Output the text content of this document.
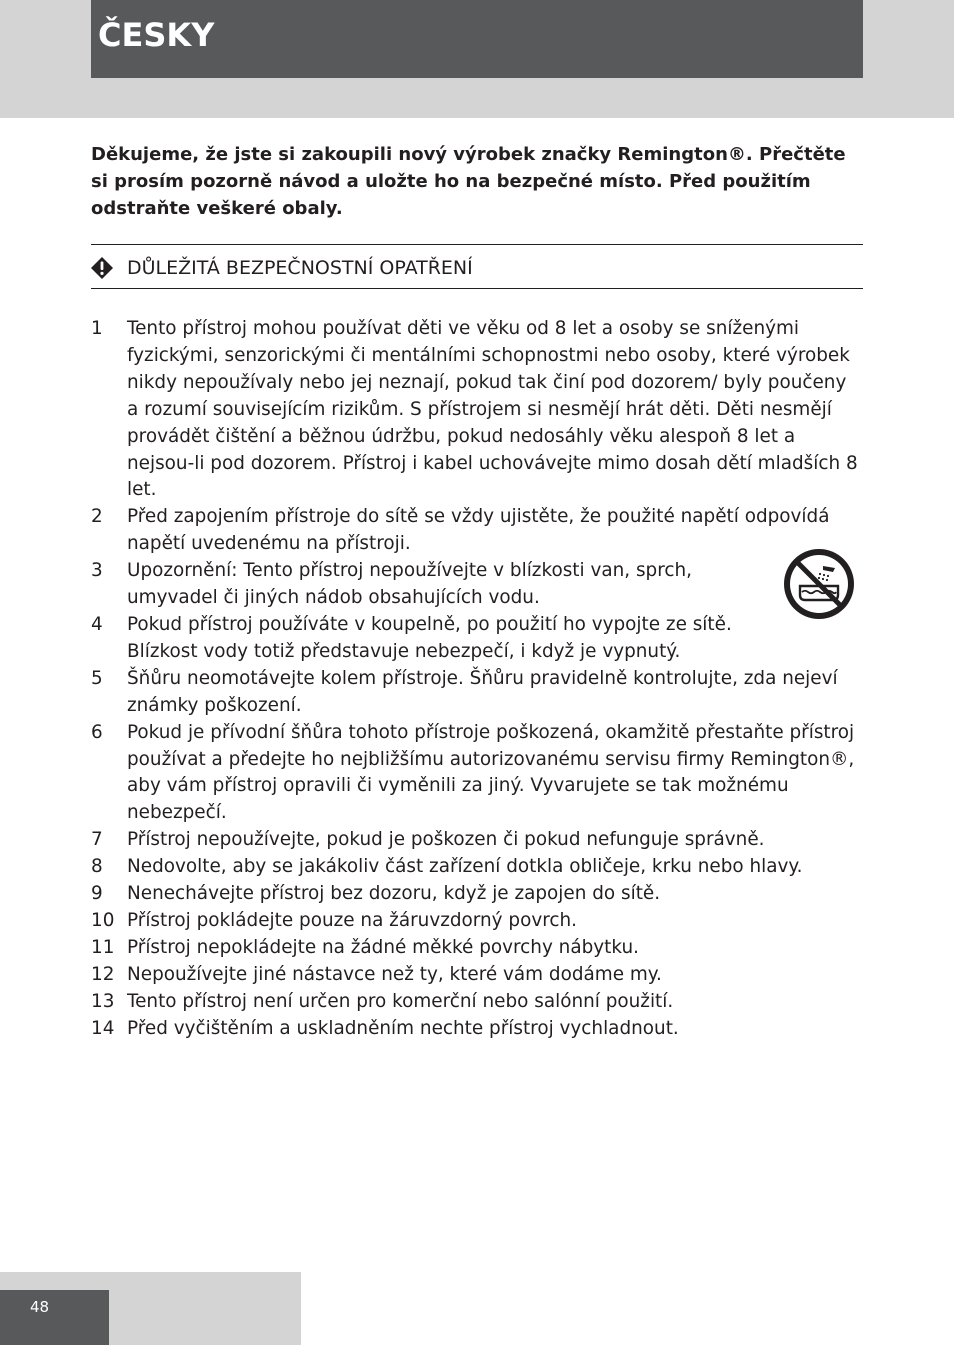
ČESKY

Děkujeme, že jste si zakoupili nový výrobek značky Remington®. Přečtěte si prosím pozorně návod a uložte ho na bezpečné místo. Před použitím odstraňte veškeré obaly.

DŮLEŽITÁ BEZPEČNOSTNÍ OPATŘENÍ
1 Tento přístroj mohou používat děti ve věku od 8 let a osoby se sníženými fyzickými, senzorickými či mentálními schopnostmi nebo osoby, které výrobek nikdy nepoužívaly nebo jej neznají, pokud tak činí pod dozorem/ byly poučeny a rozumí souvisejícím rizikům. S přístrojem si nesmějí hrát děti. Děti nesmějí provádět čištění a běžnou údržbu, pokud nedosáhly věku alespoň 8 let a nejsou-li pod dozorem. Přístroj i kabel uchovávejte mimo dosah dětí mladších 8 let.
2 Před zapojením přístroje do sítě se vždy ujistěte, že použité napětí odpovídá napětí uvedenému na přístroji.
3 Upozornění: Tento přístroj nepoužívejte v blízkosti van, sprch, umyvadel či jiných nádob obsahujících vodu.
4 Pokud přístroj používáte v koupelně, po použití ho vypojte ze sítě. Blízkost vody totiž představuje nebezpečí, i když je vypnutý.
5 Šňůru neomotávejte kolem přístroje. Šňůru pravidelně kontrolujte, zda nejeví známky poškození.
6 Pokud je přívodní šňůra tohoto přístroje poškozená, okamžitě přestaňte přístroj používat a předejte ho nejbližšímu autorizovanému servisu firmy Remington®, aby vám přístroj opravili či vyměnili za jiný. Vyvarujete se tak možnému nebezpečí.
7 Přístroj nepoužívejte, pokud je poškozen či pokud nefunguje správně.
8 Nedovolte, aby se jakákoliv část zařízení dotkla obličeje, krku nebo hlavy.
9 Nenechávejte přístroj bez dozoru, když je zapojen do sítě.
10 Přístroj pokládejte pouze na žáruvzdorný povrch.
11 Přístroj nepokládejte na žádné měkké povrchy nábytku.
12 Nepoužívejte jiné nástavce než ty, které vám dodáme my.
13 Tento přístroj není určen pro komerční nebo salónní použití.
14 Před vyčištěním a uskladněním nechte přístroj vychladnout.
48
